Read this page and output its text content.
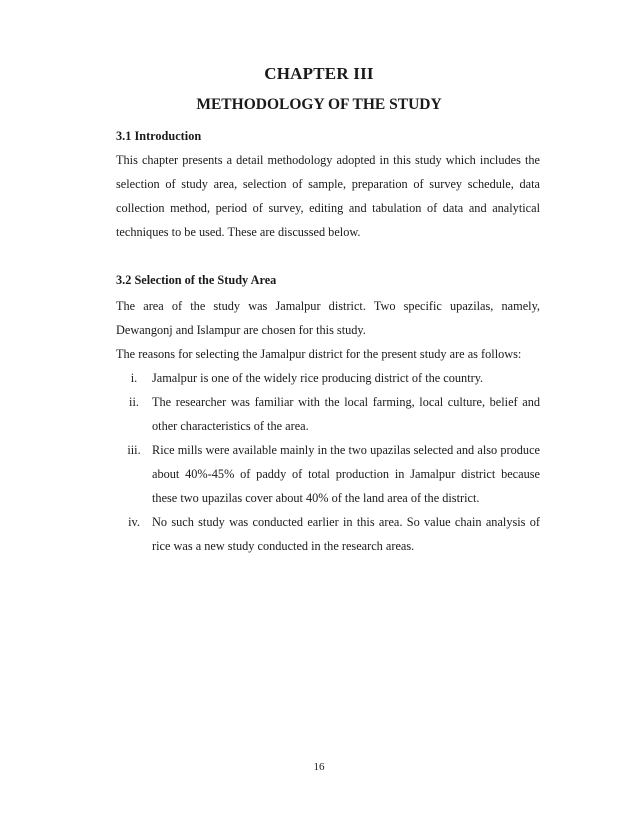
CHAPTER III
METHODOLOGY OF THE STUDY
3.1 Introduction

This chapter presents a detail methodology adopted in this study which includes the selection of study area, selection of sample, preparation of survey schedule, data collection method, period of survey, editing and tabulation of data and analytical techniques to be used. These are discussed below.

3.2 Selection of the Study Area

The area of the study was Jamalpur district. Two specific upazilas, namely, Dewangonj and Islampur are chosen for this study.

The reasons for selecting the Jamalpur district for the present study are as follows:

i.	Jamalpur is one of the widely rice producing district of the country.
ii.	The researcher was familiar with the local farming, local culture, belief and other characteristics of the area.
iii. Rice mills were available mainly in the two upazilas selected and also produce about 40%-45% of paddy of total production in Jamalpur district because these two upazilas cover about 40% of the land area of the district.
iv. No such study was conducted earlier in this area. So value chain analysis of rice was a new study conducted in the research areas.
16
